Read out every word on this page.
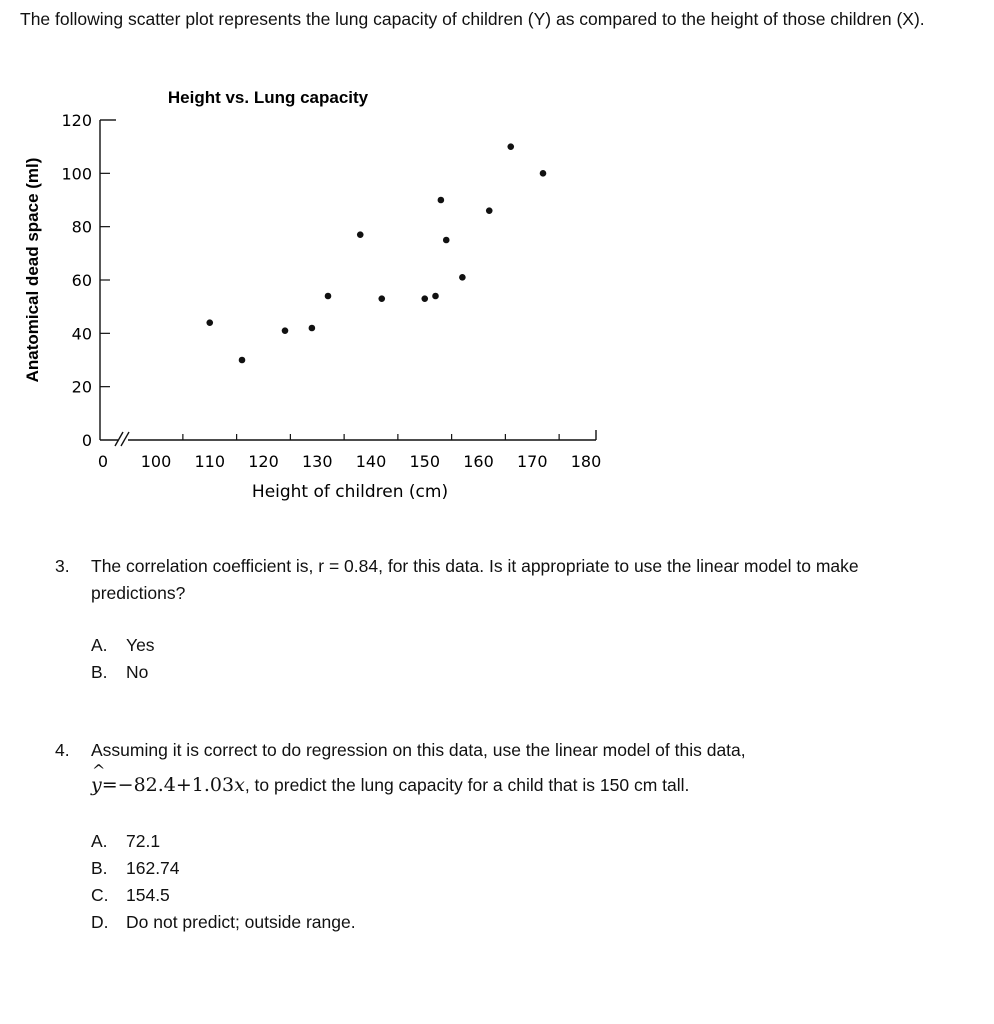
The following scatter plot represents the lung capacity of children (Y) as compared to the height of those children (X).
Height vs. Lung capacity
Anatomical dead space (ml)
Height of children (cm)
0
20
40
60
80
100
120
0 100 110 120 130 140 150 160 170 180
3. The correlation coefficient is, r = 0.84, for this data. Is it appropriate to use the linear model to make predictions?
A. Yes
B. No
4. Assuming it is correct to do regression on this data, use the linear model of this data,
^ y=−82.4+1.03x, to predict the lung capacity for a child that is 150 cm tall.
A. 72.1
B. 162.74
C. 154.5
D. Do not predict; outside range.
